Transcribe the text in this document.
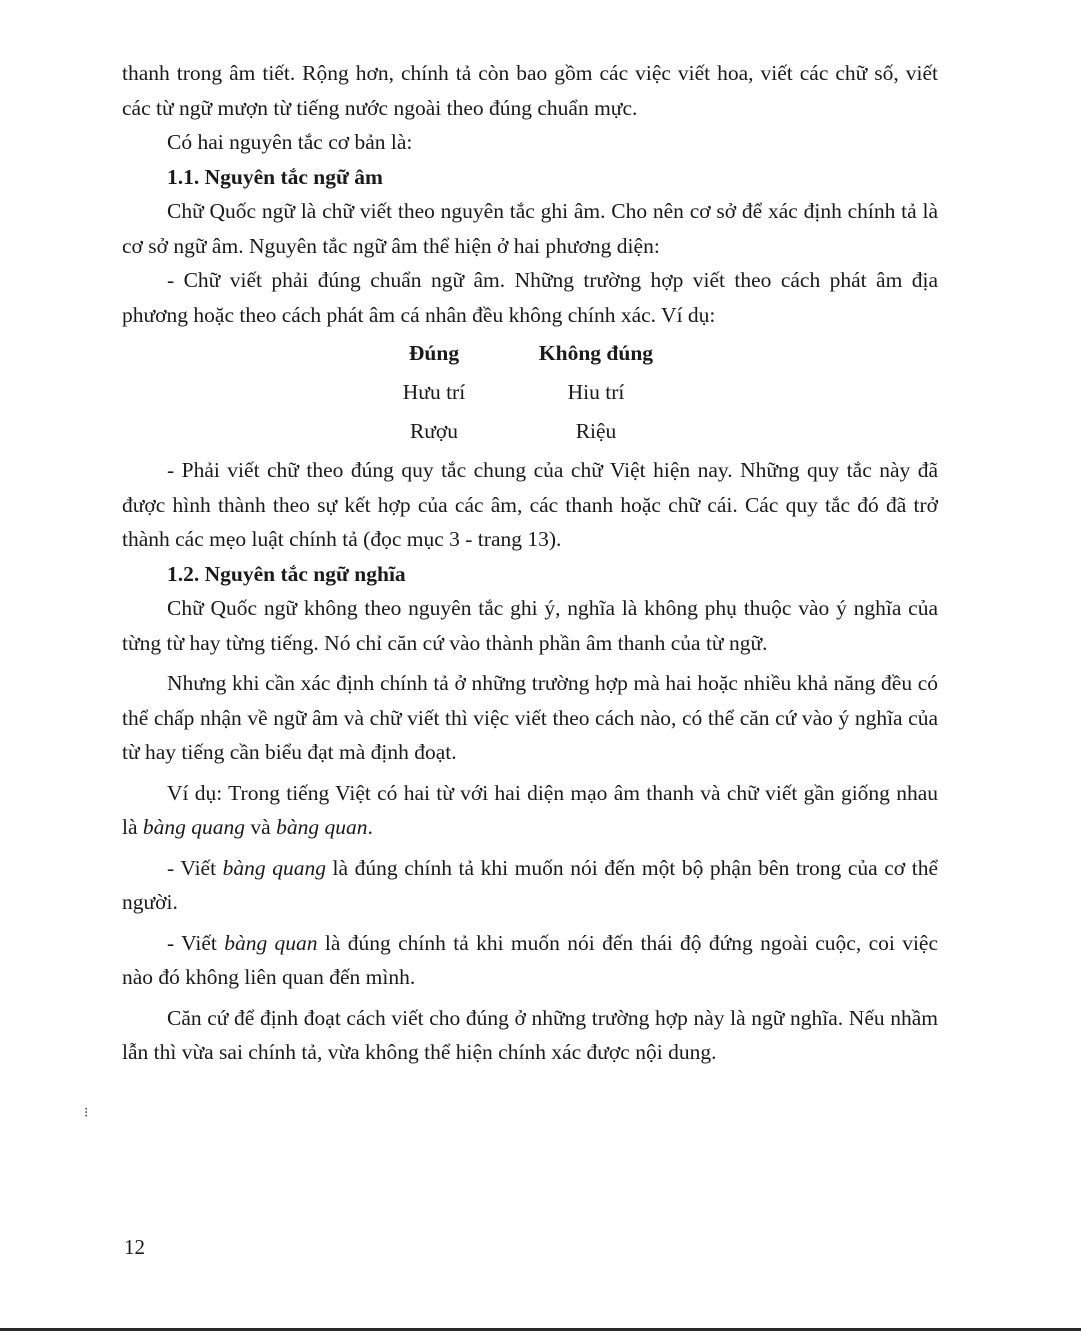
thanh trong âm tiết. Rộng hơn, chính tả còn bao gồm các việc viết hoa, viết các chữ số, viết các từ ngữ mượn từ tiếng nước ngoài theo đúng chuẩn mực.

Có hai nguyên tắc cơ bản là:

1.1. Nguyên tắc ngữ âm

Chữ Quốc ngữ là chữ viết theo nguyên tắc ghi âm. Cho nên cơ sở để xác định chính tả là cơ sở ngữ âm. Nguyên tắc ngữ âm thể hiện ở hai phương diện:

- Chữ viết phải đúng chuẩn ngữ âm. Những trường hợp viết theo cách phát âm địa phương hoặc theo cách phát âm cá nhân đều không chính xác. Ví dụ:

Đúng	Không đúng
Hưu trí	Hiu trí
Rượu	Riệu

- Phải viết chữ theo đúng quy tắc chung của chữ Việt hiện nay. Những quy tắc này đã được hình thành theo sự kết hợp của các âm, các thanh hoặc chữ cái. Các quy tắc đó đã trở thành các mẹo luật chính tả (đọc mục 3 - trang 13).

1.2. Nguyên tắc ngữ nghĩa

Chữ Quốc ngữ không theo nguyên tắc ghi ý, nghĩa là không phụ thuộc vào ý nghĩa của từng từ hay từng tiếng. Nó chỉ căn cứ vào thành phần âm thanh của từ ngữ.

Nhưng khi cần xác định chính tả ở những trường hợp mà hai hoặc nhiều khả năng đều có thể chấp nhận về ngữ âm và chữ viết thì việc viết theo cách nào, có thể căn cứ vào ý nghĩa của từ hay tiếng cần biểu đạt mà định đoạt.

Ví dụ: Trong tiếng Việt có hai từ với hai diện mạo âm thanh và chữ viết gần giống nhau là bàng quang và bàng quan.

- Viết bàng quang là đúng chính tả khi muốn nói đến một bộ phận bên trong của cơ thể người.

- Viết bàng quan là đúng chính tả khi muốn nói đến thái độ đứng ngoài cuộc, coi việc nào đó không liên quan đến mình.

Căn cứ để định đoạt cách viết cho đúng ở những trường hợp này là ngữ nghĩa. Nếu nhầm lẫn thì vừa sai chính tả, vừa không thể hiện chính xác được nội dung.

⁝
12
